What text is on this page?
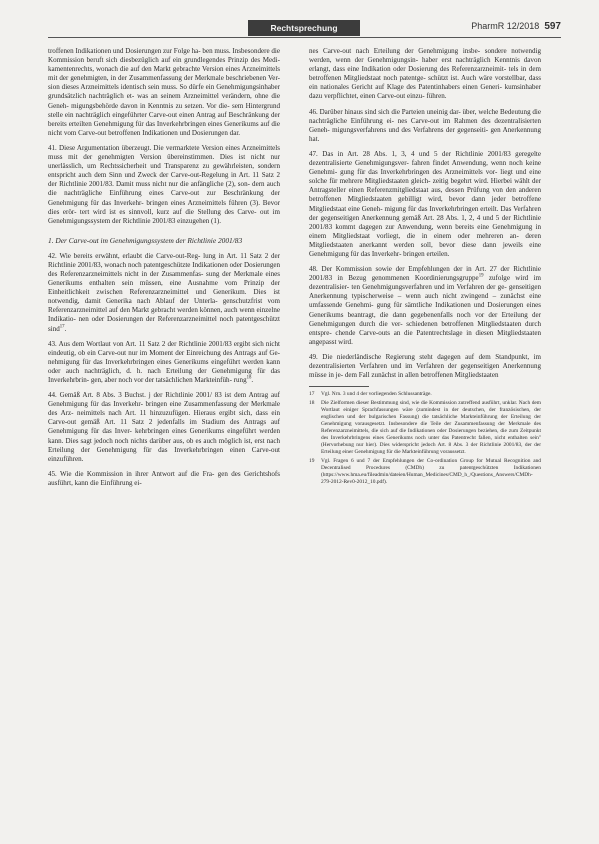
Rechtsprechung	PharmR 12/2018 597

troffenen Indikationen und Dosierungen zur Folge ha- ben muss. Insbesondere die Kommission beruft sich diesbezüglich auf ein grundlegendes Prinzip des Medi- kamentenrechts, wonach die auf den Markt gebrachte Version eines Arzneimittels mit der genehmigten, in der Zusammenfassung der Merkmale beschriebenen Ver- sion dieses Arzneimittels identisch sein muss. So dürfe ein Genehmigungsinhaber grundsätzlich nachträglich et- was an seinem Arzneimittel verändern, ohne die Geneh- migungsbehörde davon in Kenntnis zu setzen. Vor die- sem Hintergrund stelle ein nachträglich eingeführter Carve-out einen Antrag auf Beschränkung der bereits erteilten Genehmigung für das Inverkehrbringen eines Generikums auf die nicht vom Carve-out betroffenen Indikationen und Dosierungen dar.

41. Diese Argumentation überzeugt. Die vermarktete Version eines Arzneimittels muss mit der genehmigten Version übereinstimmen. Dies ist nicht nur unerlässlich, um Rechtssicherheit und Transparenz zu gewährleisten, sondern entspricht auch dem Sinn und Zweck der Carve-out-Regelung in Art. 11 Satz 2 der Richtlinie 2001/83. Damit muss nicht nur die anfängliche (2), son- dern auch die nachträgliche Einführung eines Carve-out zur Beschränkung der Genehmigung für das Inverkehr- bringen eines Arzneimittels führen (3). Bevor dies erör- tert wird ist es sinnvoll, kurz auf die Stellung des Carve- out im Genehmigungssystem der Richtlinie 2001/83 einzugehen (1).

1. Der Carve-out im Genehmigungssystem der Richtlinie 2001/83

42. Wie bereits erwähnt, erlaubt die Carve-out-Reg- lung in Art. 11 Satz 2 der Richtlinie 2001/83, wonach noch patentgeschützte Indikationen oder Dosierungen des Referenzarzneimittels nicht in der Zusammenfas- sung der Merkmale eines Generikums enthalten sein müssen, eine Ausnahme vom Prinzip der Einheitlichkeit zwischen Referenzarzneimittel und Generikum. Dies ist notwendig, damit Generika nach Ablauf der Unterla- genschutzfrist vom Referenzarzneimittel auf den Markt gebracht werden können, auch wenn einzelne Indikatio- nen oder Dosierungen der Referenzarzneimittel noch patentgeschützt sind$^{17}$.

43. Aus dem Wortlaut von Art. 11 Satz 2 der Richtlinie 2001/83 ergibt sich nicht eindeutig, ob ein Carve-out nur im Moment der Einreichung des Antrags auf Ge- nehmigung für das Inverkehrbringen eines Generikums eingeführt werden kann oder auch nachträglich, d. h. nach Erteilung der Genehmigung für das Inverkehrbrin- gen, aber noch vor der tatsächlichen Markteinfüh- rung$^{18}$.

44. Gemäß Art. 8 Abs. 3 Buchst. j der Richtlinie 2001/ 83 ist dem Antrag auf Genehmigung für das Inverkehr- bringen eine Zusammenfassung der Merkmale des Arz- neimittels nach Art. 11 hinzuzufügen. Hieraus ergibt sich, dass ein Carve-out gemäß Art. 11 Satz 2 jedenfalls im Stadium des Antrags auf Genehmigung für das Inver- kehrbringen eines Generikums eingeführt werden kann. Dies sagt jedoch noch nichts darüber aus, ob es auch möglich ist, erst nach Erteilung der Genehmigung für das Inverkehrbringen einen Carve-out einzuführen.

45. Wie die Kommission in ihrer Antwort auf die Fra- gen des Gerichtshofs ausführt, kann die Einführung ei-

nes Carve-out nach Erteilung der Genehmigung insbe- sondere notwendig werden, wenn der Genehmigungsin- haber erst nachträglich Kenntnis davon erlangt, dass eine Indikation oder Dosierung des Referenzarzneimit- tels in dem betroffenen Mitgliedstaat noch patentge- schützt ist. Auch wäre vorstellbar, dass ein nationales Gericht auf Klage des Patentinhabers einen Generi- kumsinhaber dazu verpflichtet, einen Carve-out einzu- führen.

46. Darüber hinaus sind sich die Parteien uneinig dar- über, welche Bedeutung die nachträgliche Einführung ei- nes Carve-out im Rahmen des dezentralisierten Geneh- migungsverfahrens und des Verfahrens der gegenseiti- gen Anerkennung hat.

47. Das in Art. 28 Abs. 1, 3, 4 und 5 der Richtlinie 2001/83 geregelte dezentralisierte Genehmigungsver- fahren findet Anwendung, wenn noch keine Genehmi- gung für das Inverkehrbringen des Arzneimittels vor- liegt und eine solche für mehrere Mitgliedstaaten gleich- zeitig begehrt wird. Hierbei wählt der Antragsteller einen Referenzmitgliedstaat aus, dessen Prüfung von den anderen betroffenen Mitgliedstaaten gebilligt wird, bevor dann jeder betroffene Mitgliedstaat eine Geneh- migung für das Inverkehrbringen erteilt. Das Verfahren der gegenseitigen Anerkennung gemäß Art. 28 Abs. 1, 2, 4 und 5 der Richtlinie 2001/83 kommt dagegen zur Anwendung, wenn bereits eine Genehmigung in einem Mitgliedstaat vorliegt, die in einem oder mehreren an- deren Mitgliedstaaten anerkannt werden soll, bevor diese dann jeweils eine Genehmigung für das Inverkehr- bringen erteilen.

48. Der Kommission sowie der Empfehlungen der in Art. 27 der Richtlinie 2001/83 in Bezug genommenen Koordinierungsgruppe$^{19}$ zufolge wird im dezentralisier- ten Genehmigungsverfahren und im Verfahren der ge- genseitigen Anerkennung typischerweise – wenn auch nicht zwingend – zunächst eine umfassende Genehmi- gung für sämtliche Indikationen und Dosierungen eines Generikums beantragt, die dann gegebenenfalls noch vor der Erteilung der Genehmigungen durch die ver- schiedenen betroffenen Mitgliedstaaten durch entspre- chende Carve-outs an die Patentrechtslage in diesen Mitgliedstaaten angepasst wird.

49. Die niederländische Regierung steht dagegen auf dem Standpunkt, im dezentralisierten Verfahren und im Verfahren der gegenseitigen Anerkennung müsse in je- dem Fall zunächst in allen betroffenen Mitgliedstaaten

17 Vgl. Nrn. 3 und 4 der vorliegenden Schlussanträge.
18 Die Zielformen dieser Bestimmung sind, wie die Kommission zutreffend ausführt, unklar. Nach dem Wortlaut einiger Sprachfassungen wäre (zumindest in der deutschen, der französischen, der englischen und der bulgarischen Fassung) die tatsächliche Markteinführung der Erteilung der Genehmigung vorausgesetzt. Insbesondere die Teile der Zusammenfassung der Merkmale des Referenzarzneimittels, die sich auf die Indikationen oder Dosierungen beziehen, die zum Zeitpunkt des Inverkehrbringens eines Generikums noch unter das Patentrecht fallen, nicht enthalten sein" (Hervorhebung nur hier). Dies widerspricht jedoch Art. 8 Abs. 3 der Richtlinie 2001/83, der der Erteilung einer Genehmigung für die Markteinführung voraussetzt.
19 Vgl. Fragen 6 und 7 der Empfehlungen der Co-ordination Group for Mutual Recognition and Decentralised Procedures (CMDh) zu patentgeschützten Indikationen (https://www.hma.eu/fileadmin/dateien/Human_Medicines/CMD_h_/Questions_Answers/CMDh-279-2012-Rev0-2012_10.pdf).
